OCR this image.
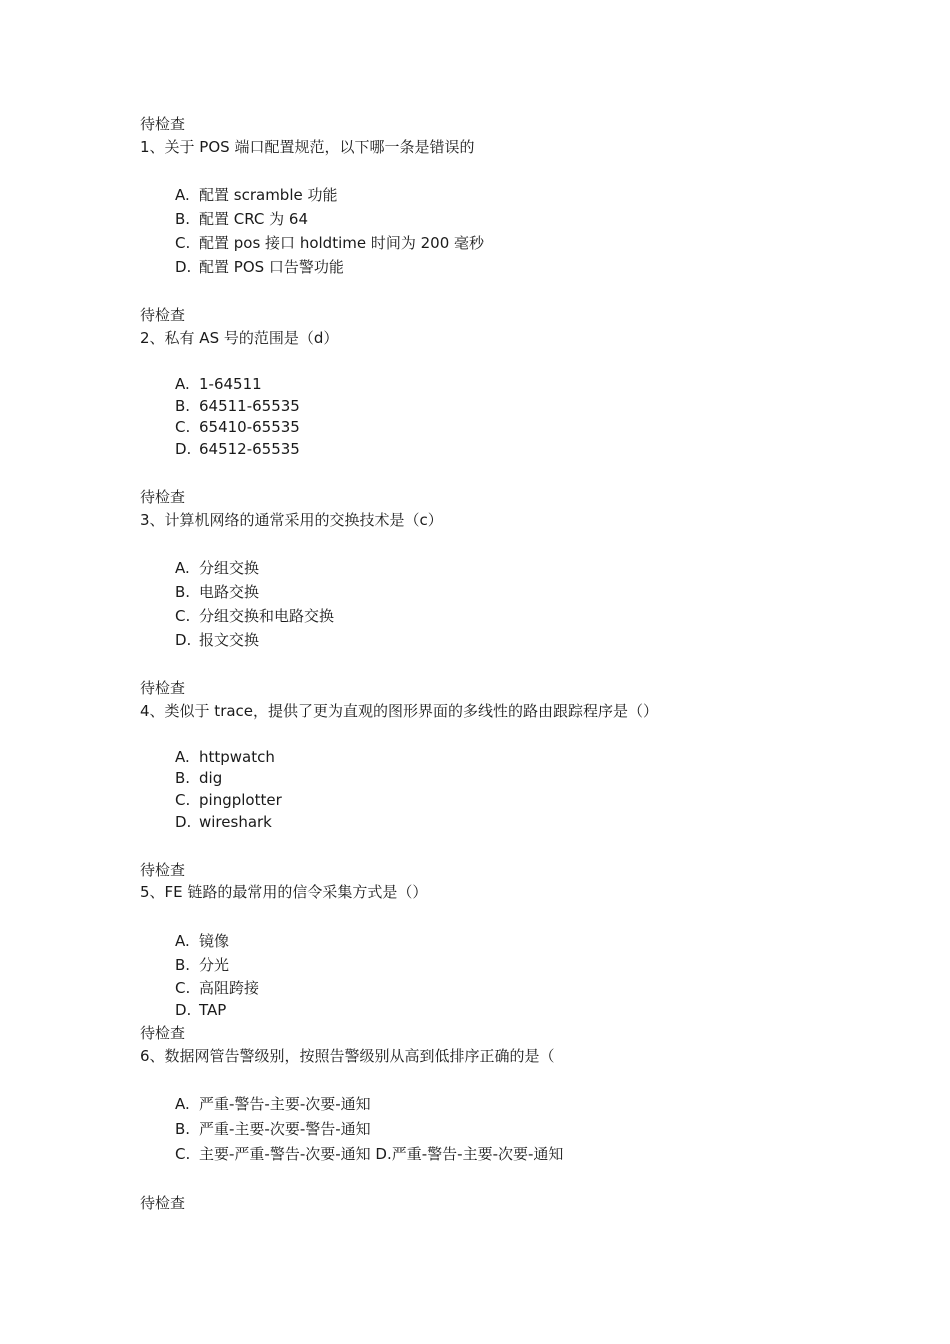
待检查
1、关于 POS 端口配置规范，以下哪一条是错误的
A. 配置 scramble 功能
B. 配置 CRC 为 64
C. 配置 pos 接口 holdtime 时间为 200 毫秒
D. 配置 POS 口告警功能
待检查
2、私有 AS 号的范围是（d）
A. 1-64511
B. 64511-65535
C. 65410-65535
D. 64512-65535
待检查
3、计算机网络的通常采用的交换技术是（c）
A. 分组交换
B. 电路交换
C. 分组交换和电路交换
D. 报文交换
待检查
4、类似于 trace，提供了更为直观的图形界面的多线性的路由跟踪程序是（）
A. httpwatch
B. dig
C. pingplotter
D. wireshark
待检查
5、FE 链路的最常用的信令采集方式是（）
A. 镜像
B. 分光
C. 高阻跨接
D. TAP
待检查
6、数据网管告警级别，按照告警级别从高到低排序正确的是（
A. 严重-警告-主要-次要-通知
B. 严重-主要-次要-警告-通知
C. 主要-严重-警告-次要-通知 D.严重-警告-主要-次要-通知
待检查
